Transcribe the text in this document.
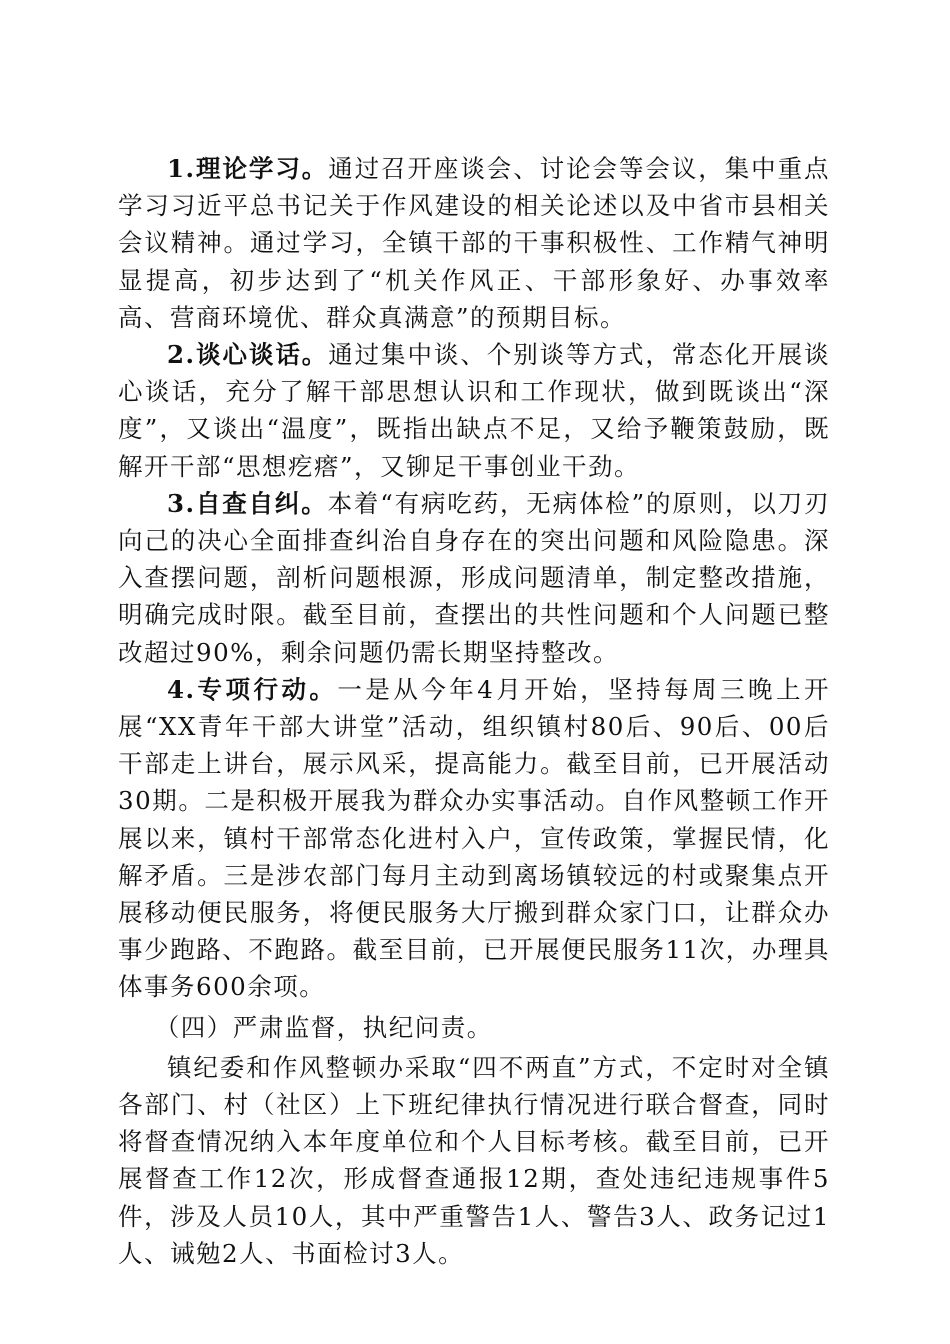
1.理论学习。通过召开座谈会、讨论会等会议，集中重点学习习近平总书记关于作风建设的相关论述以及中省市县相关会议精神。通过学习，全镇干部的干事积极性、工作精气神明显提高，初步达到了“机关作风正、干部形象好、办事效率高、营商环境优、群众真满意”的预期目标。

2.谈心谈话。通过集中谈、个别谈等方式，常态化开展谈心谈话，充分了解干部思想认识和工作现状，做到既谈出“深度”，又谈出“温度”，既指出缺点不足，又给予鞭策鼓励，既解开干部“思想疙瘩”，又铆足干事创业干劲。

3.自查自纠。本着“有病吃药，无病体检”的原则，以刀刃向己的决心全面排查纠治自身存在的突出问题和风险隐患。深入查摆问题，剖析问题根源，形成问题清单，制定整改措施，明确完成时限。截至目前，查摆出的共性问题和个人问题已整改超过90%，剩余问题仍需长期坚持整改。

4.专项行动。一是从今年4月开始，坚持每周三晚上开展“XX青年干部大讲堂”活动，组织镇村80后、90后、00后干部走上讲台，展示风采，提高能力。截至目前，已开展活动30期。二是积极开展我为群众办实事活动。自作风整顿工作开展以来，镇村干部常态化进村入户，宣传政策，掌握民情，化解矛盾。三是涉农部门每月主动到离场镇较远的村或聚集点开展移动便民服务，将便民服务大厅搬到群众家门口，让群众办事少跑路、不跑路。截至目前，已开展便民服务11次，办理具体事务600余项。

（四）严肃监督，执纪问责。

镇纪委和作风整顿办采取“四不两直”方式，不定时对全镇各部门、村（社区）上下班纪律执行情况进行联合督查，同时将督查情况纳入本年度单位和个人目标考核。截至目前，已开展督查工作12次，形成督查通报12期，查处违纪违规事件5件，涉及人员10人，其中严重警告1人、警告3人、政务记过1人、诫勉2人、书面检讨3人。
